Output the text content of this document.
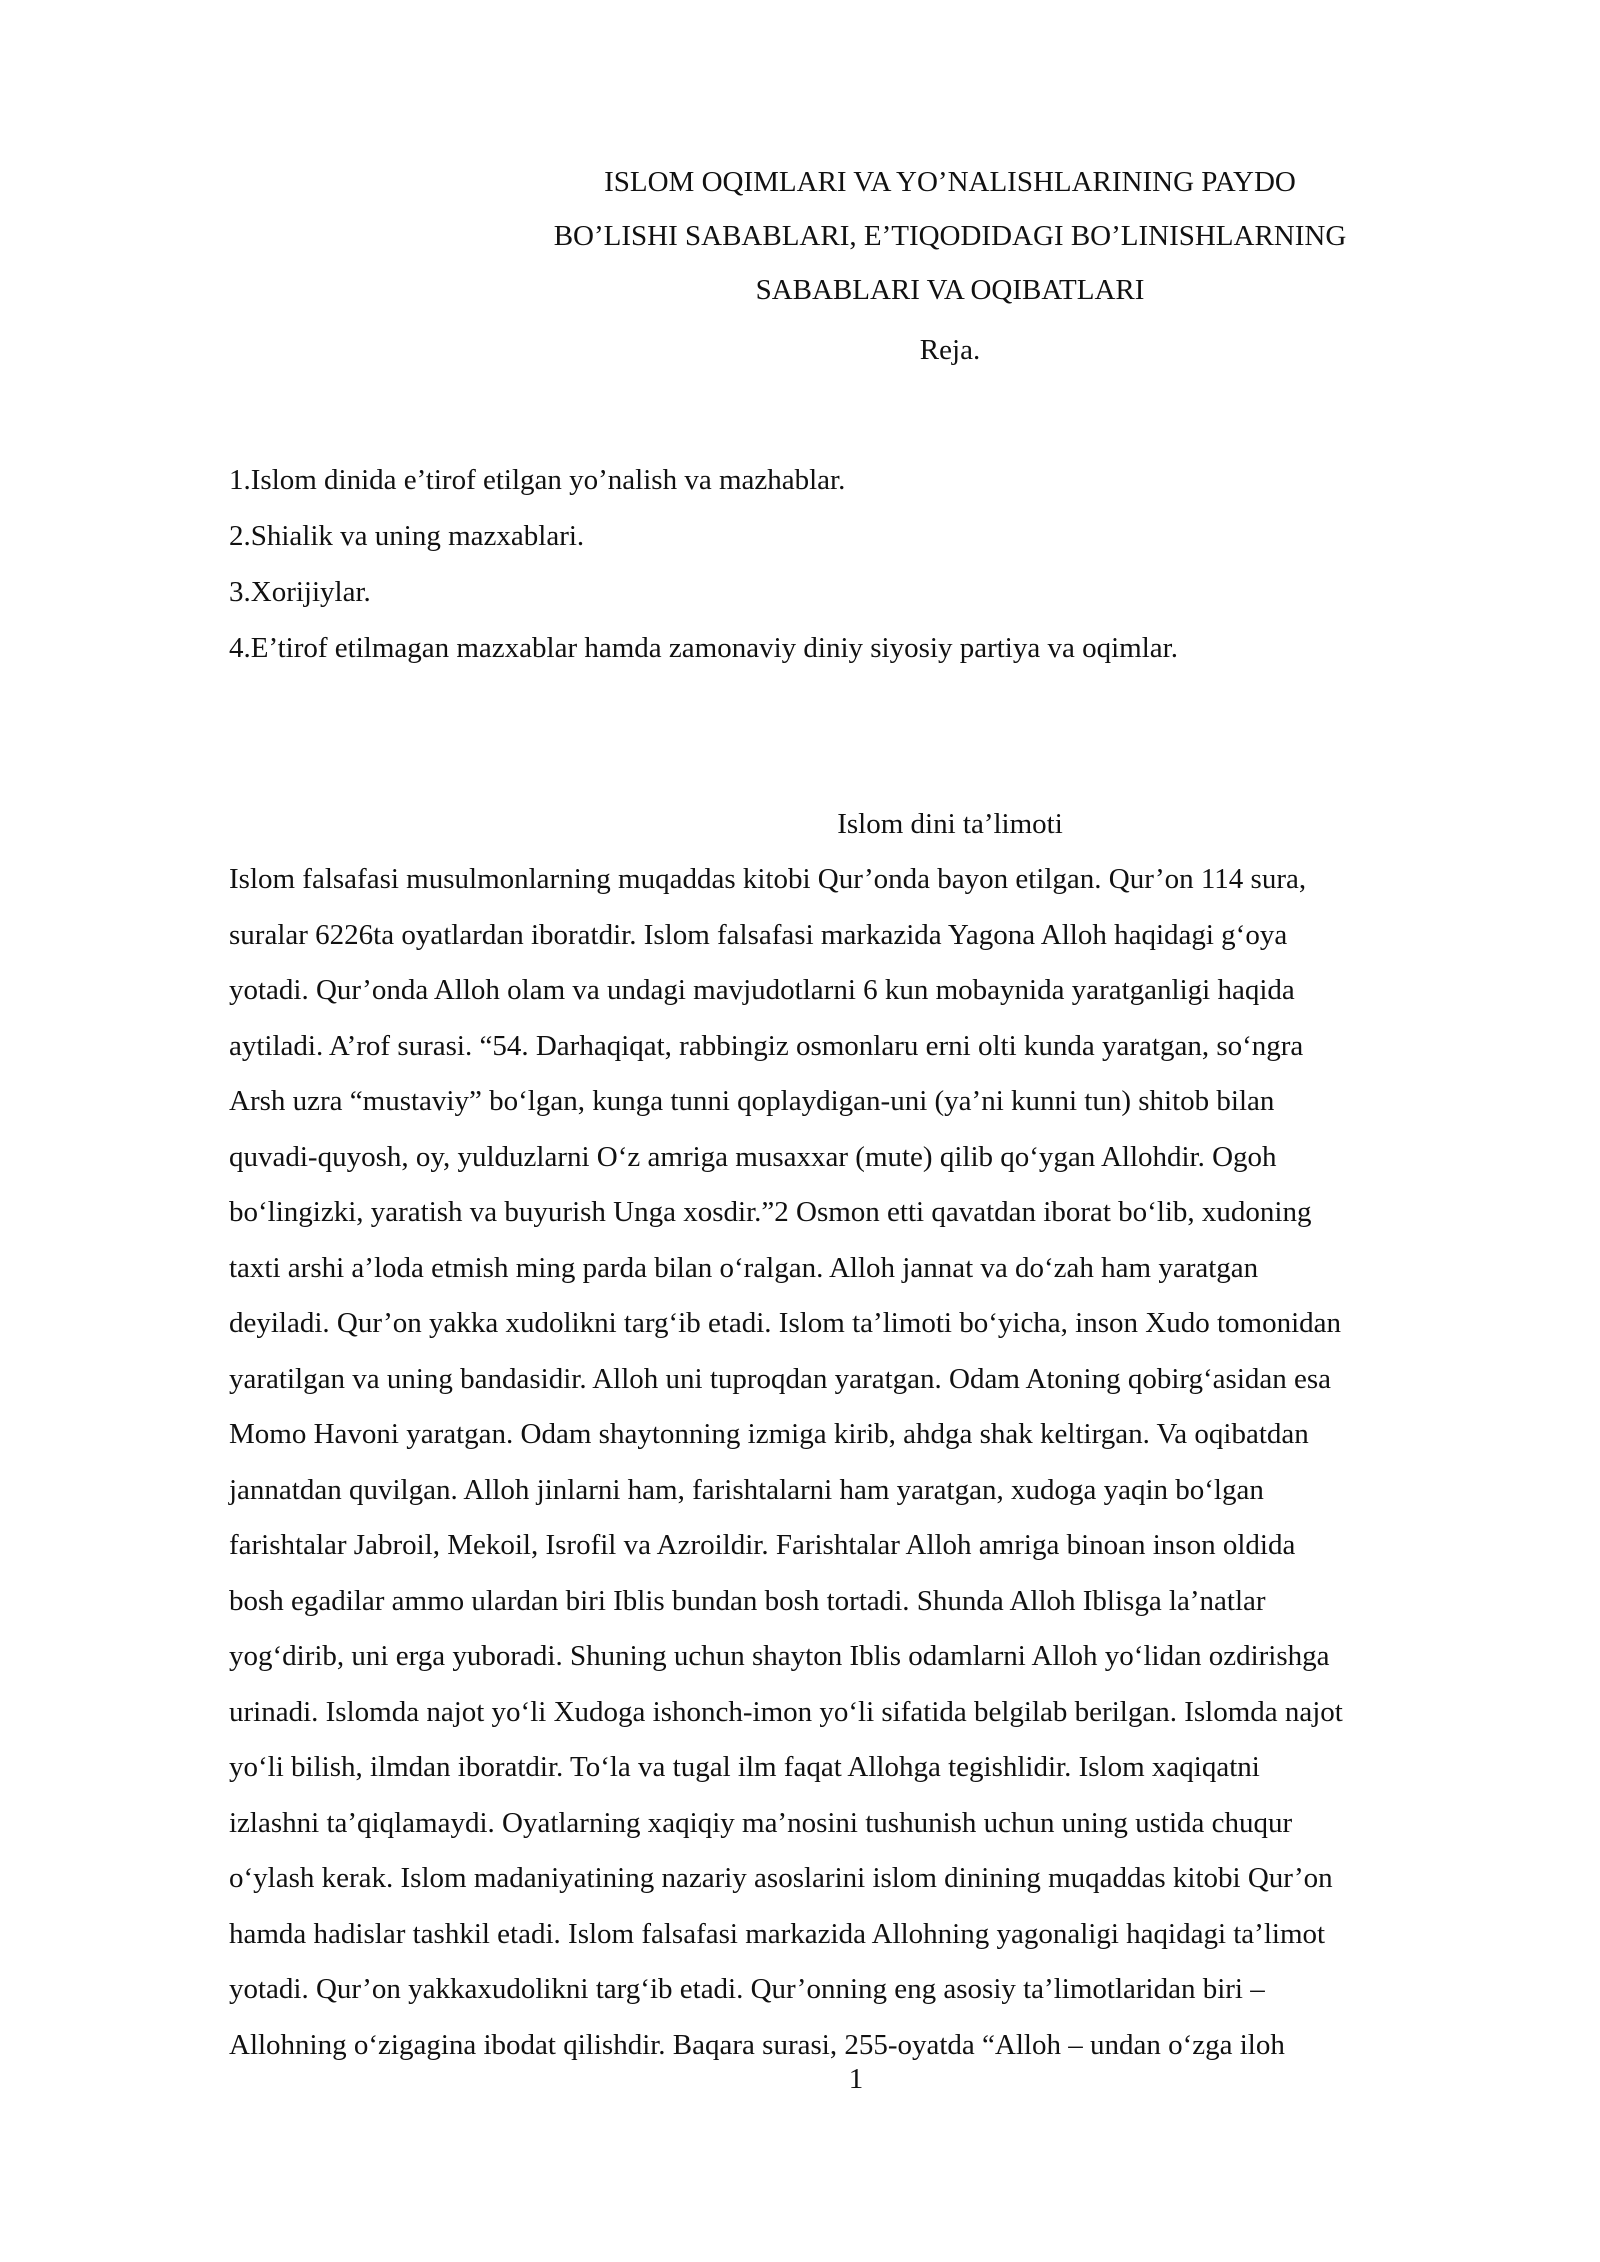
ISLOM OQIMLARI VA YO’NALISHLARINING PAYDO
BO’LISHI SABABLARI, E’TIQODIDAGI BO’LINISHLARNING
SABABLARI VA OQIBATLARI
Reja.
1.Islom dinida e’tirof etilgan yo’nalish va mazhablar.
2.Shialik va uning mazxablari.
3.Xorijiylar.
4.E’tirof etilmagan mazxablar hamda zamonaviy diniy siyosiy partiya va oqimlar.
Islom dini ta’limoti
Islom falsafasi musulmonlarning muqaddas kitobi Qur’onda bayon etilgan. Qur’on 114 sura,
suralar 6226ta oyatlardan iboratdir. Islom falsafasi markazida Yagona Alloh haqidagi g‘oya
yotadi. Qur’onda Alloh olam va undagi mavjudotlarni 6 kun mobaynida yaratganligi haqida
aytiladi. A’rof surasi. “54. Darhaqiqat, rabbingiz osmonlaru erni olti kunda yaratgan, so‘ngra
Arsh uzra “mustaviy” bo‘lgan, kunga tunni qoplaydigan-uni (ya’ni kunni tun) shitob bilan
quvadi-quyosh, oy, yulduzlarni O‘z amriga musaxxar (mute) qilib qo‘ygan Allohdir. Ogoh
bo‘lingizki, yaratish va buyurish Unga xosdir.”2 Osmon etti qavatdan iborat bo‘lib, xudoning
taxti arshi a’loda etmish ming parda bilan o‘ralgan. Alloh jannat va do‘zah ham yaratgan
deyiladi. Qur’on yakka xudolikni targ‘ib etadi. Islom ta’limoti bo‘yicha, inson Xudo tomonidan
yaratilgan va uning bandasidir. Alloh uni tuproqdan yaratgan. Odam Atoning qobirg‘asidan esa
Momo Havoni yaratgan. Odam shaytonning izmiga kirib, ahdga shak keltirgan. Va oqibatdan
jannatdan quvilgan. Alloh jinlarni ham, farishtalarni ham yaratgan, xudoga yaqin bo‘lgan
farishtalar Jabroil, Mekoil, Isrofil va Azroildir. Farishtalar Alloh amriga binoan inson oldida
bosh egadilar ammo ulardan biri Iblis bundan bosh tortadi. Shunda Alloh Iblisga la’natlar
yog‘dirib, uni erga yuboradi. Shuning uchun shayton Iblis odamlarni Alloh yo‘lidan ozdirishga
urinadi. Islomda najot yo‘li Xudoga ishonch-imon yo‘li sifatida belgilab berilgan. Islomda najot
yo‘li bilish, ilmdan iboratdir. To‘la va tugal ilm faqat Allohga tegishlidir. Islom xaqiqatni
izlashni ta’qiqlamaydi. Oyatlarning xaqiqiy ma’nosini tushunish uchun uning ustida chuqur
o‘ylash kerak. Islom madaniyatining nazariy asoslarini islom dinining muqaddas kitobi Qur’on
hamda hadislar tashkil etadi. Islom falsafasi markazida Allohning yagonaligi haqidagi ta’limot
yotadi. Qur’on yakkaxudolikni targ‘ib etadi. Qur’onning eng asosiy ta’limotlaridan biri –
Allohning o‘zigagina ibodat qilishdir. Baqara surasi, 255-oyatda “Alloh – undan o‘zga iloh
1
